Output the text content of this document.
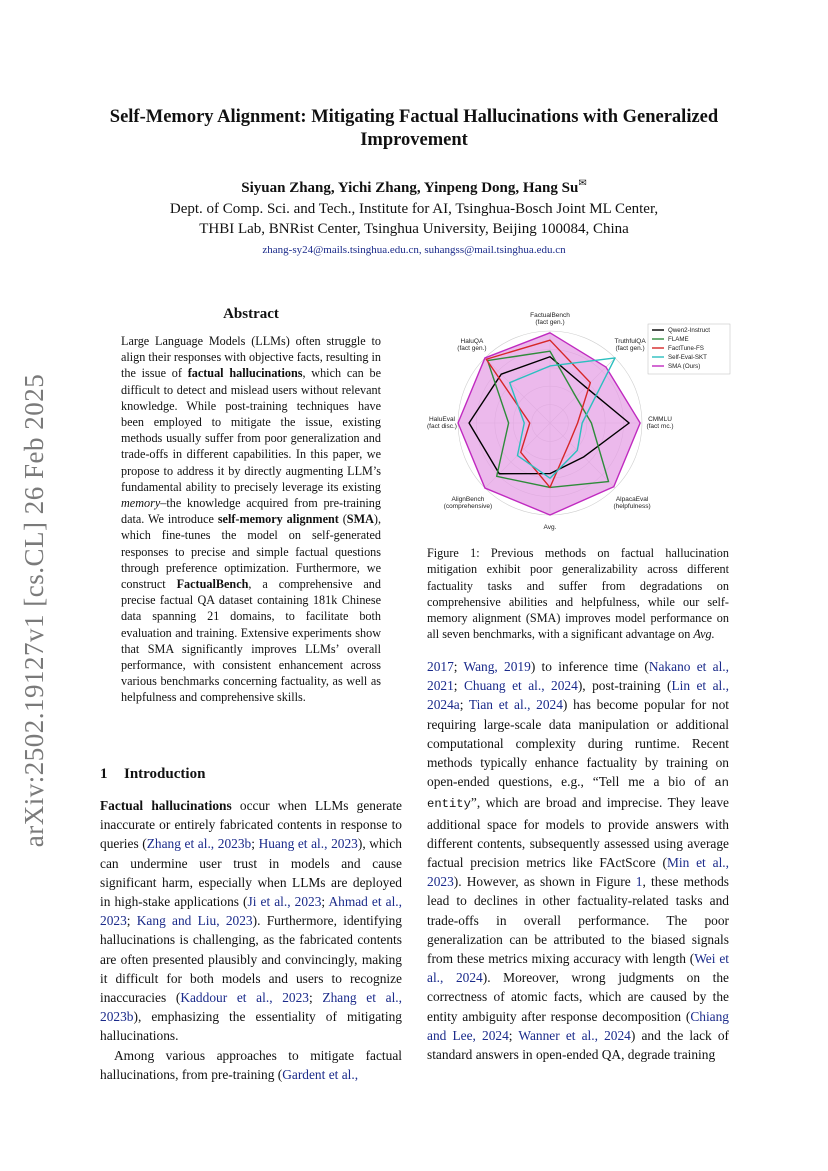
arXiv:2502.19127v1 [cs.CL] 26 Feb 2025
Self-Memory Alignment: Mitigating Factual Hallucinations with Generalized Improvement
Siyuan Zhang, Yichi Zhang, Yinpeng Dong, Hang Su✉
Dept. of Comp. Sci. and Tech., Institute for AI, Tsinghua-Bosch Joint ML Center,
THBI Lab, BNRist Center, Tsinghua University, Beijing 100084, China
zhang-sy24@mails.tsinghua.edu.cn, suhangss@mail.tsinghua.edu.cn
Abstract

Large Language Models (LLMs) often struggle to align their responses with objective facts, resulting in the issue of factual hallucinations, which can be difficult to detect and mislead users without relevant knowledge. While post-training techniques have been employed to mitigate the issue, existing methods usually suffer from poor generalization and trade-offs in different capabilities. In this paper, we propose to address it by directly augmenting LLM’s fundamental ability to precisely leverage its existing memory–the knowledge acquired from pre-training data. We introduce self-memory alignment (SMA), which fine-tunes the model on self-generated responses to precise and simple factual questions through preference optimization. Furthermore, we construct FactualBench, a comprehensive and precise factual QA dataset containing 181k Chinese data spanning 21 domains, to facilitate both evaluation and training. Extensive experiments show that SMA significantly improves LLMs’ overall performance, with consistent enhancement across various benchmarks concerning factuality, as well as helpfulness and comprehensive skills.

1 Introduction

Factual hallucinations occur when LLMs generate inaccurate or entirely fabricated contents in response to queries (Zhang et al., 2023b; Huang et al., 2023), which can undermine user trust in models and cause significant harm, especially when LLMs are deployed in high-stake applications (Ji et al., 2023; Ahmad et al., 2023; Kang and Liu, 2023). Furthermore, identifying hallucinations is challenging, as the fabricated contents are often presented plausibly and convincingly, making it difficult for both models and users to recognize inaccuracies (Kaddour et al., 2023; Zhang et al., 2023b), emphasizing the essentiality of mitigating hallucinations.

Among various approaches to mitigate factual hallucinations, from pre-training (Gardent et al.,

FactualBench
(fact gen.)
TruthfulQA
(fact gen.)
CMMLU
(fact mc.)
AlpacaEval
(helpfulness)
Avg.
AlignBench
(comprehensive)
HaluEval
(fact disc.)
HaluQA
(fact gen.)
Qwen2-Instruct
FLAME
FactTune-FS
Self-Eval-SKT
SMA (Ours)
Figure 1: Previous methods on factual hallucination mitigation exhibit poor generalizability across different factuality tasks and suffer from degradations on comprehensive abilities and helpfulness, while our self-memory alignment (SMA) improves model performance on all seven benchmarks, with a significant advantage on Avg.

2017; Wang, 2019) to inference time (Nakano et al., 2021; Chuang et al., 2024), post-training (Lin et al., 2024a; Tian et al., 2024) has become popular for not requiring large-scale data manipulation or additional computational complexity during runtime. Recent methods typically enhance factuality by training on open-ended questions, e.g., “Tell me a bio of an entity”, which are broad and imprecise. They leave additional space for models to provide answers with different contents, subsequently assessed using average factual precision metrics like FActScore (Min et al., 2023). However, as shown in Figure 1, these methods lead to declines in other factuality-related tasks and trade-offs in overall performance. The poor generalization can be attributed to the biased signals from these metrics mixing accuracy with length (Wei et al., 2024). Moreover, wrong judgments on the correctness of atomic facts, which are caused by the entity ambiguity after response decomposition (Chiang and Lee, 2024; Wanner et al., 2024) and the lack of standard answers in open-ended QA, degrade training
